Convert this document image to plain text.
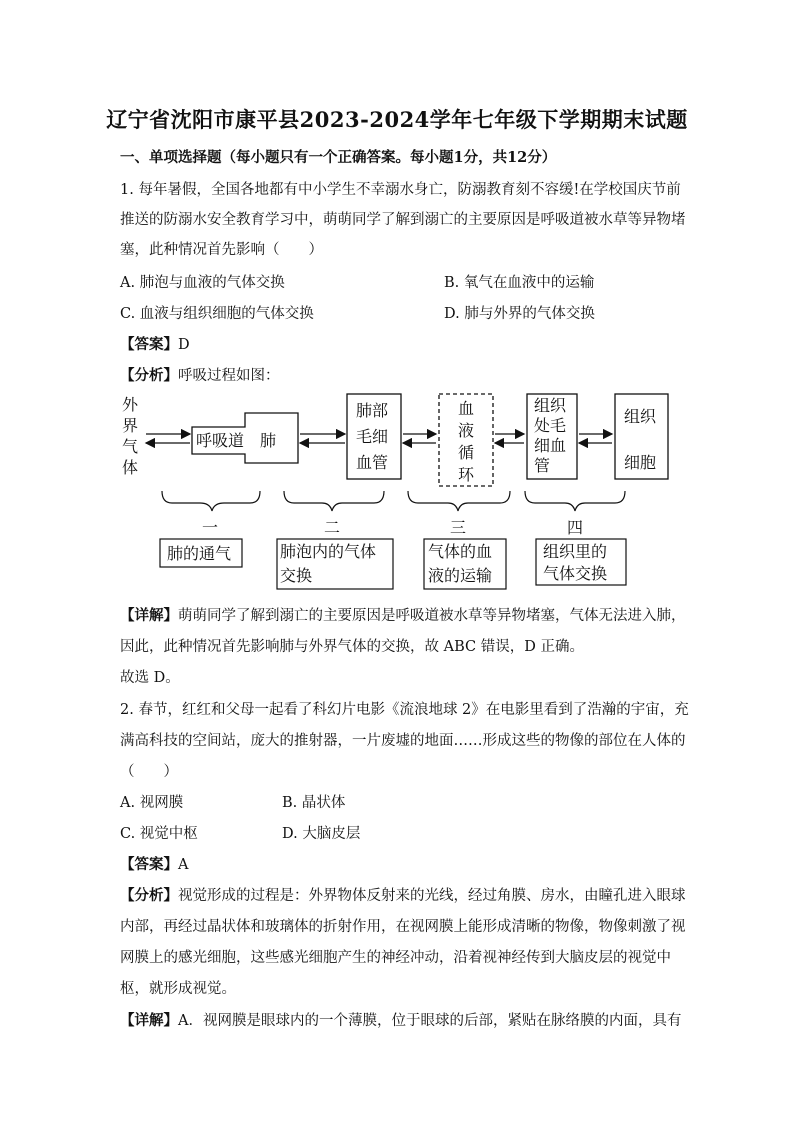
辽宁省沈阳市康平县2023-2024学年七年级下学期期末试题
一、单项选择题（每小题只有一个正确答案。每小题1分，共12分）
1. 每年暑假，全国各地都有中小学生不幸溺水身亡，防溺教育刻不容缓!在学校国庆节前
推送的防溺水安全教育学习中，萌萌同学了解到溺亡的主要原因是呼吸道被水草等异物堵
塞，此种情况首先影响（　　）
A. 肺泡与血液的气体交换	B. 氧气在血液中的运输
C. 血液与组织细胞的气体交换	D. 肺与外界的气体交换
【答案】D
【分析】呼吸过程如图：
外
界
气
体
呼吸道 肺
肺部
毛细
血管
血
液
循
环
组织
处毛
细血
管
组织
细胞
一	二	三	四
肺的通气	肺泡内的气体
交换
气体的血
液的运输
组织里的
气体交换
【详解】萌萌同学了解到溺亡的主要原因是呼吸道被水草等异物堵塞，气体无法进入肺，
因此，此种情况首先影响肺与外界气体的交换，故 ABC 错误，D 正确。
故选 D。
2. 春节，红红和父母一起看了科幻片电影《流浪地球 2》在电影里看到了浩瀚的宇宙，充
满高科技的空间站，庞大的推射器，一片废墟的地面……形成这些的物像的部位在人体的
（　　）
A. 视网膜	B. 晶状体
C. 视觉中枢	D. 大脑皮层
【答案】A
【分析】视觉形成的过程是：外界物体反射来的光线，经过角膜、房水，由瞳孔进入眼球
内部，再经过晶状体和玻璃体的折射作用，在视网膜上能形成清晰的物像，物像刺激了视
网膜上的感光细胞，这些感光细胞产生的神经冲动，沿着视神经传到大脑皮层的视觉中
枢，就形成视觉。
【详解】A．视网膜是眼球内的一个薄膜，位于眼球的后部，紧贴在脉络膜的内面，具有
